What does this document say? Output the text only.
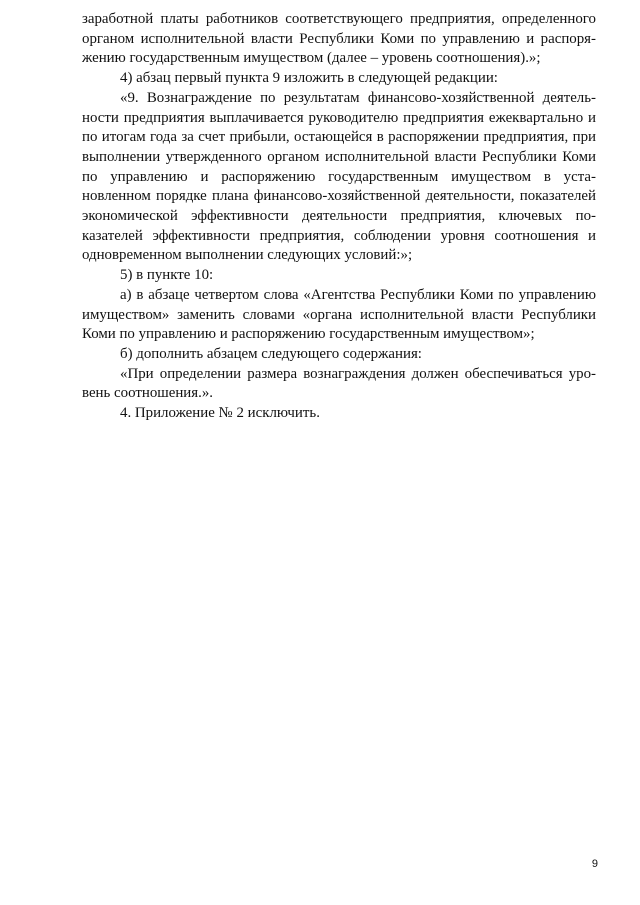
заработной платы работников соответствующего предприятия, определенного органом исполнительной власти Республики Коми по управлению и распоряжению государственным имуществом (далее – уровень соотношения).»;

4) абзац первый пункта 9 изложить в следующей редакции:

«9. Вознаграждение по результатам финансово-хозяйственной деятельности предприятия выплачивается руководителю предприятия ежеквартально и по итогам года за счет прибыли, остающейся в распоряжении предприятия, при выполнении утвержденного органом исполнительной власти Республики Коми по управлению и распоряжению государственным имуществом в установленном порядке плана финансово-хозяйственной деятельности, показателей экономической эффективности деятельности предприятия, ключевых показателей эффективности предприятия, соблюдении уровня соотношения и одновременном выполнении следующих условий:»;

5) в пункте 10:

а) в абзаце четвертом слова «Агентства Республики Коми по управлению имуществом» заменить словами «органа исполнительной власти Республики Коми по управлению и распоряжению государственным имуществом»;

б) дополнить абзацем следующего содержания:

«При определении размера вознаграждения должен обеспечиваться уровень соотношения.».

4. Приложение № 2 исключить.

9
